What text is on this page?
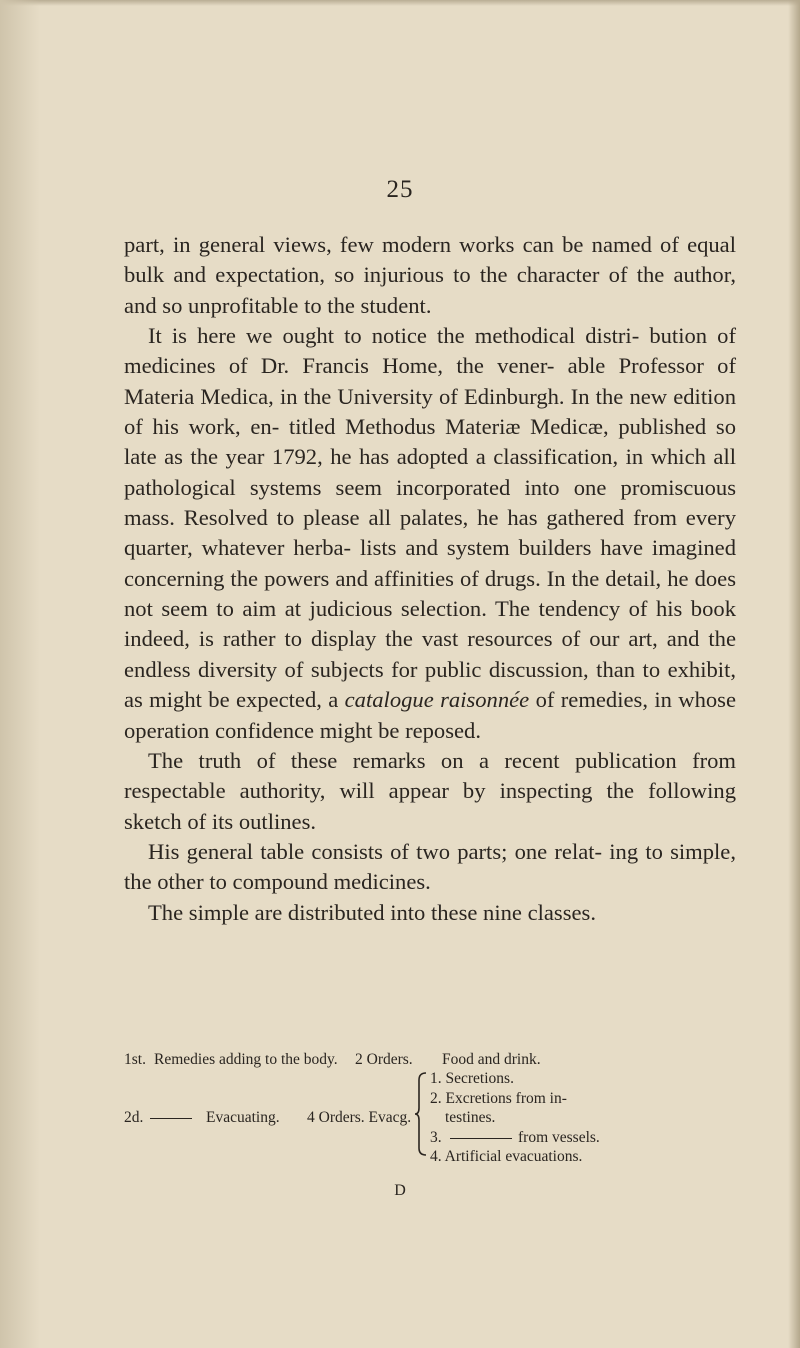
25

part, in general views, few modern works can be named of equal bulk and expectation, so injurious to the character of the author, and so unprofitable to the student.

It is here we ought to notice the methodical distri- bution of medicines of Dr. Francis Home, the vener- able Professor of Materia Medica, in the University of Edinburgh. In the new edition of his work, en- titled Methodus Materiæ Medicæ, published so late as the year 1792, he has adopted a classification, in which all pathological systems seem incorporated into one promiscuous mass. Resolved to please all palates, he has gathered from every quarter, whatever herba- lists and system builders have imagined concerning the powers and affinities of drugs. In the detail, he does not seem to aim at judicious selection. The tendency of his book indeed, is rather to display the vast resources of our art, and the endless diversity of subjects for public discussion, than to exhibit, as might be expected, a catalogue raisonnée of remedies, in whose operation confidence might be reposed.

The truth of these remarks on a recent publication from respectable authority, will appear by inspecting the following sketch of its outlines.

His general table consists of two parts; one relat- ing to simple, the other to compound medicines.

The simple are distributed into these nine classes.

1st. Remedies adding to the body. 2 Orders. Food and drink.
2d.	Evacuating. 4 Orders. Evacg.
1. Secretions.
2. Excretions from in-
testines.
3.	from vessels.
4. Artificial evacuations.
D
